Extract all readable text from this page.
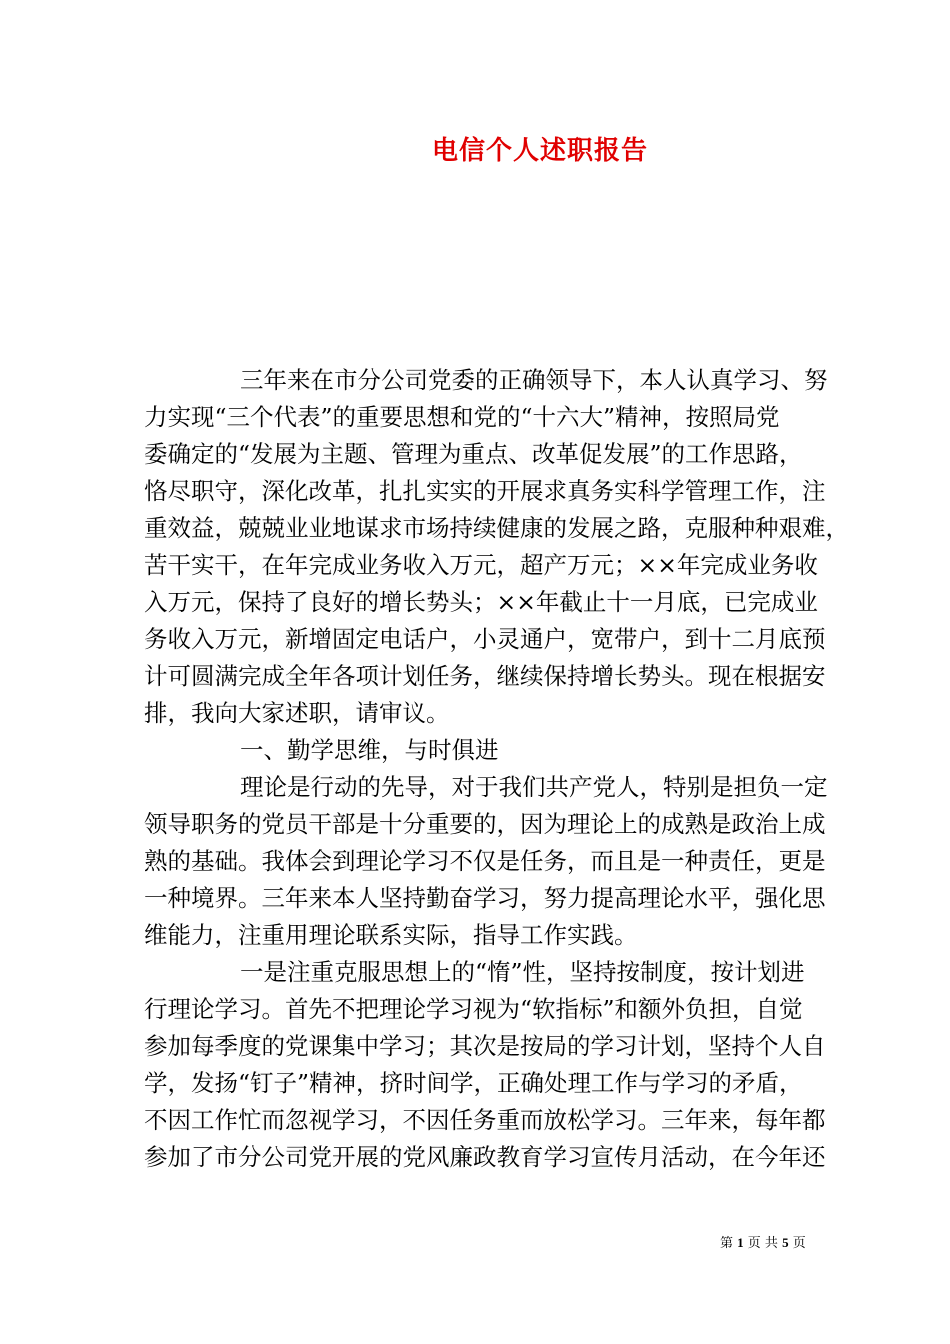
电信个人述职报告
三年来在市分公司党委的正确领导下，本人认真学习、努
力实现“三个代表”的重要思想和党的“十六大”精神，按照局党
委确定的“发展为主题、管理为重点、改革促发展”的工作思路，
恪尽职守，深化改革，扎扎实实的开展求真务实科学管理工作，注
重效益，兢兢业业地谋求市场持续健康的发展之路，克服种种艰难，
苦干实干，在年完成业务收入万元，超产万元；××年完成业务收
入万元，保持了良好的增长势头；××年截止十一月底，已完成业
务收入万元，新增固定电话户，小灵通户，宽带户，到十二月底预
计可圆满完成全年各项计划任务，继续保持增长势头。现在根据安
排，我向大家述职，请审议。
一、勤学思维，与时俱进
理论是行动的先导，对于我们共产党人，特别是担负一定
领导职务的党员干部是十分重要的，因为理论上的成熟是政治上成
熟的基础。我体会到理论学习不仅是任务，而且是一种责任，更是
一种境界。三年来本人坚持勤奋学习，努力提高理论水平，强化思
维能力，注重用理论联系实际，指导工作实践。
一是注重克服思想上的“惰”性，坚持按制度，按计划进
行理论学习。首先不把理论学习视为“软指标”和额外负担，自觉
参加每季度的党课集中学习；其次是按局的学习计划，坚持个人自
学，发扬“钉子”精神，挤时间学，正确处理工作与学习的矛盾，
不因工作忙而忽视学习，不因任务重而放松学习。三年来，每年都
参加了市分公司党开展的党风廉政教育学习宣传月活动，在今年还
第 1 页 共 5 页
